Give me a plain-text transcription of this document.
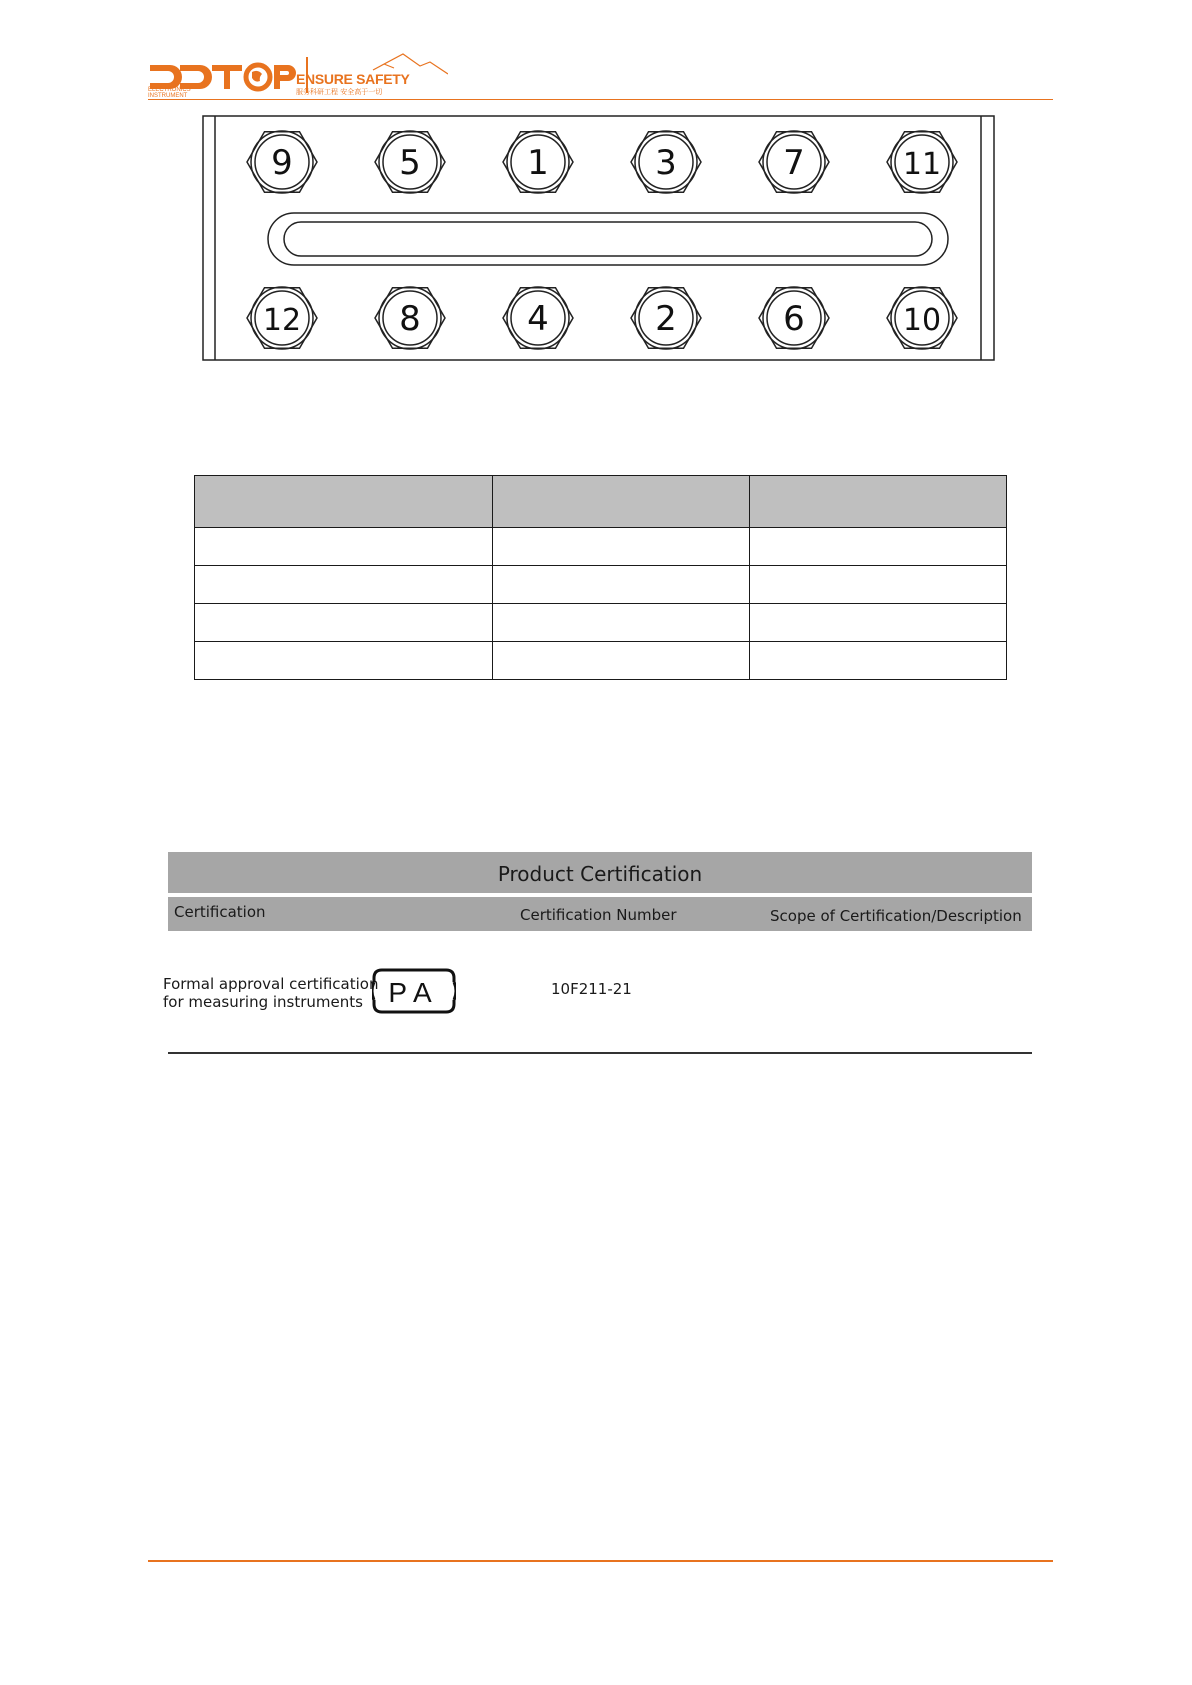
ELECTRONICS
INSTRUMENT
ENSURE SAFETY
服务科研工程 安全高于一切
9	5	1	3	7	11
12	8	4	2	6	10

Product Certification
Certification	Certification Number	Scope of Certification/Description
Formal approval certification
for measuring instruments PA	10F211-21
